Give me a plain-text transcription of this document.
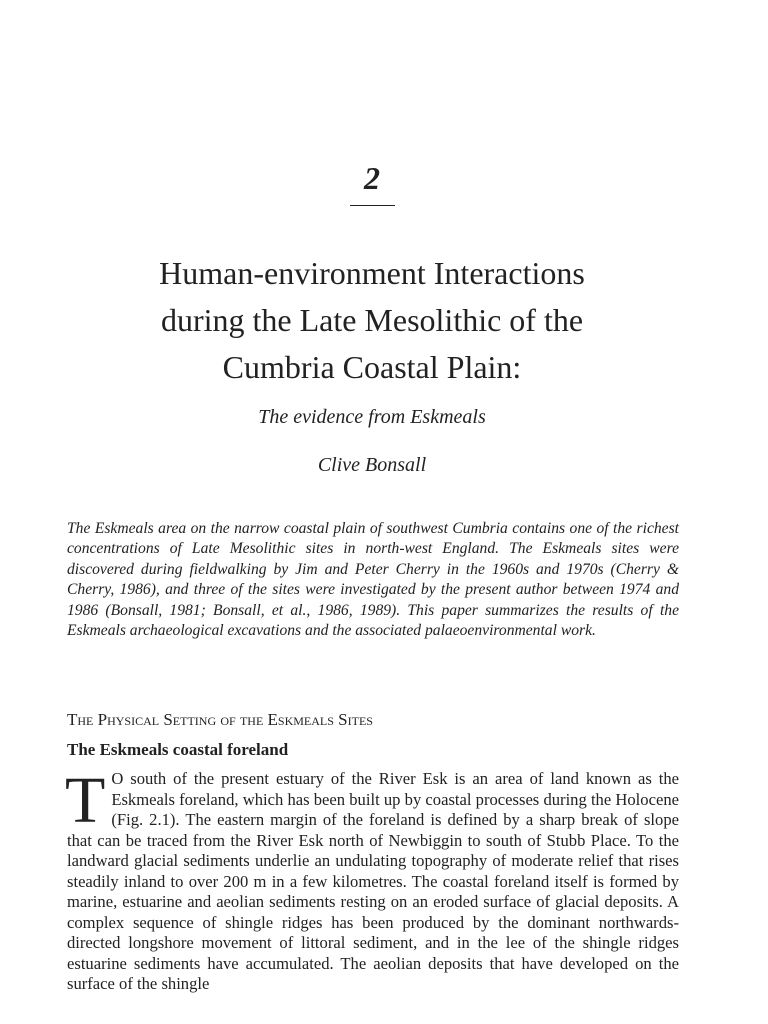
2
Human-environment Interactions
during the Late Mesolithic of the
Cumbria Coastal Plain:
The evidence from Eskmeals
Clive Bonsall

The Eskmeals area on the narrow coastal plain of southwest Cumbria contains one of the richest concentrations of Late Mesolithic sites in north-west England. The Eskmeals sites were discovered during fieldwalking by Jim and Peter Cherry in the 1960s and 1970s (Cherry & Cherry, 1986), and three of the sites were investigated by the present author between 1974 and 1986 (Bonsall, 1981; Bonsall, et al., 1986, 1989). This paper summarizes the results of the Eskmeals archaeological excavations and the associated palaeoenvironmental work.

The Physical Setting of the Eskmeals Sites
The Eskmeals coastal foreland

T O south of the present estuary of the River Esk is an area of land known as the Eskmeals foreland, which has been built up by coastal processes during the Holocene (Fig. 2.1). The eastern margin of the foreland is defined by a sharp break of slope that can be traced from the River Esk north of Newbiggin to south of Stubb Place. To the landward glacial sediments underlie an undulating topography of moderate relief that rises steadily inland to over 200 m in a few kilometres. The coastal foreland itself is formed by marine, estuarine and aeolian sediments resting on an eroded surface of glacial deposits. A complex sequence of shingle ridges has been produced by the dominant northwards-directed longshore movement of littoral sediment, and in the lee of the shingle ridges estuarine sediments have accumulated. The aeolian deposits that have developed on the surface of the shingle
